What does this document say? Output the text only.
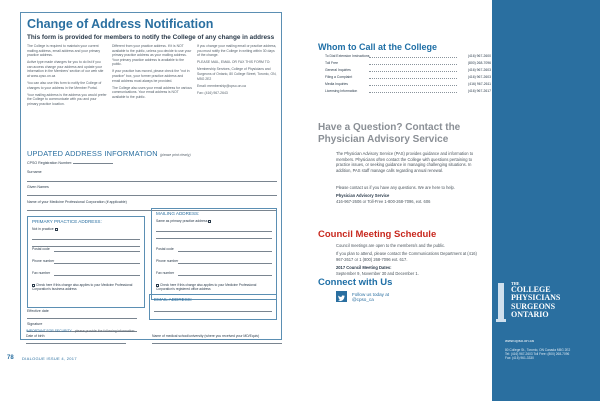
Change of Address Notification
This form is provided for members to notify the College of any change in address

The College is required to maintain your current mailing address, email address and your primary practice address.

Active type made changes for you to do list if you can access change your address and update your information in the Members' section of our web site at www.cpso.on.ca

You can also use this form to notify the College of changes to your address in the Member Portal.

Your mailing address is the address you would prefer the College to communicate with you and your primary practice location.

Different from your practice address. If it is NOT available to the public, unless you decide to use your primary practice address as your mailing address. Your primary practice address is available to the public.

If your practice has moved, please check the "not in practice" box, your former practice address and email address must always be provided.

The College also uses your email address for various communications. Your email address is NOT available to the public.

If you change your mailing email or practice address, you must notify the College in writing within 30 days of the change.

PLEASE MAIL, EMAIL OR FAX THIS FORM TO:

Membership Services, College of Physicians and Surgeons of Ontario, 80 College Street, Toronto, ON, M5G 2E2

Email: membership@cpso.on.ca

Fax: (416) 967-2643

UPDATED ADDRESS INFORMATION (please print clearly)
CPSO Registration Number:
Surname
Given Names
Name of your Medicine Professional Corporation (if applicable)
PRIMARY PRACTICE ADDRESS:
Not in practice
Postal code
Phone number
Fax number
Check here if this change also applies to your Medicine Professional Corporation's business address
MAILING ADDRESS:
Same as primary practice address
Postal code
Phone number
Fax number
Check here if this change also applies to your Medicine Professional Corporation's registered office address
Effective date
Signature
EMAIL ADDRESS:
IMPORTANT FOR SECURITY - please provide the following information:
Date of birth	Name of medical school/university (where you received your MD/Equiv)
78 DIALOGUE ISSUE 4, 2017
Whom to Call at the College
To Dial Extension Instructions	(416) 967-2600
Toll Free	(800) 268-7096
General Inquiries	(416) 967-2603
Filing a Complaint	(416) 967-2603
Media Inquiries	(416) 967-2611
Licensing Information	(416) 967-2617
Have a Question? Contact the
Physician Advisory Service
The Physician Advisory Service (PAS) provides guidance and information to members. Physicians often contact the College with questions pertaining to practice issues, or seeking guidance in managing challenging situations. In addition, PAS staff manage calls regarding annual renewal.
Please contact us if you have any questions. We are here to help.
Physician Advisory Service
416-967-2606 or Toll-Free 1-800-268-7096, ext. 606
Council Meeting Schedule
Council meetings are open to the members/s and the public.
If you plan to attend, please contact the Communications Department at (416) 967-2617 or 1 (800) 268-7096 ext. 617.
2017 Council Meeting Dates:
September 9, November 30 and December 1.
Connect with Us
Follow us today at
@cpso_ca
THE
COLLEGE
PHYSICIANS
SURGEONS
ONTARIO
www.cpso.on.ca
80 College St., Toronto, ON Canada M5G 2E2
Tel: (416) 967-2603 Toll Free: (800) 268-7096
Fax: (416) 961-3330
